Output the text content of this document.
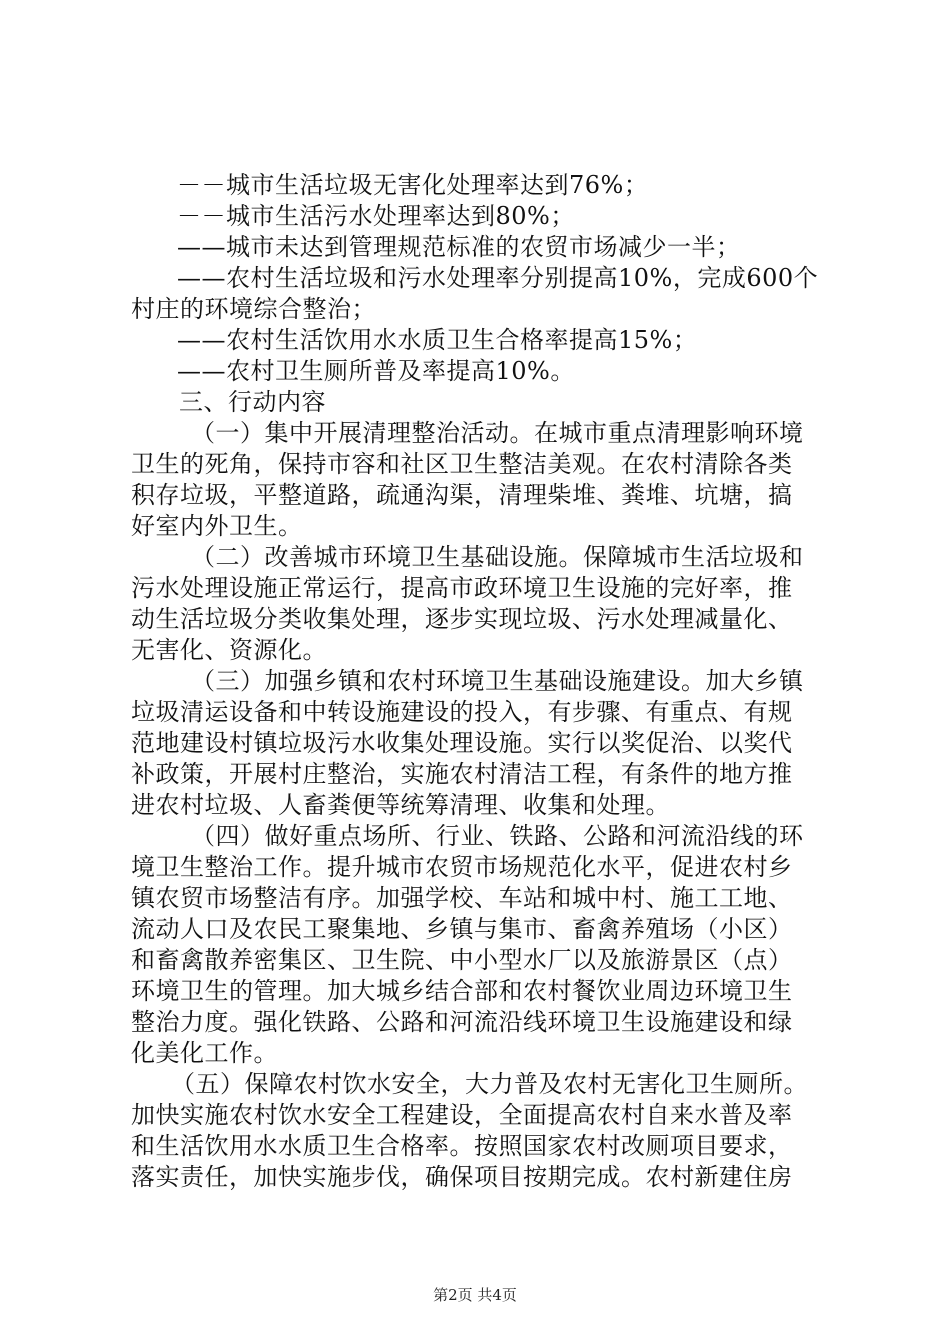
－－城市生活垃圾无害化处理率达到76%；
－－城市生活污水处理率达到80%；
——城市未达到管理规范标准的农贸市场减少一半；
——农村生活垃圾和污水处理率分别提高10%，完成600个
村庄的环境综合整治；
——农村生活饮用水水质卫生合格率提高15%；
——农村卫生厕所普及率提高10%。
三、行动内容
（一）集中开展清理整治活动。在城市重点清理影响环境
卫生的死角，保持市容和社区卫生整洁美观。在农村清除各类
积存垃圾，平整道路，疏通沟渠，清理柴堆、粪堆、坑塘，搞
好室内外卫生。
（二）改善城市环境卫生基础设施。保障城市生活垃圾和
污水处理设施正常运行，提高市政环境卫生设施的完好率，推
动生活垃圾分类收集处理，逐步实现垃圾、污水处理减量化、
无害化、资源化。
（三）加强乡镇和农村环境卫生基础设施建设。加大乡镇
垃圾清运设备和中转设施建设的投入，有步骤、有重点、有规
范地建设村镇垃圾污水收集处理设施。实行以奖促治、以奖代
补政策，开展村庄整治，实施农村清洁工程，有条件的地方推
进农村垃圾、人畜粪便等统筹清理、收集和处理。
（四）做好重点场所、行业、铁路、公路和河流沿线的环
境卫生整治工作。提升城市农贸市场规范化水平，促进农村乡
镇农贸市场整洁有序。加强学校、车站和城中村、施工工地、
流动人口及农民工聚集地、乡镇与集市、畜禽养殖场（小区）
和畜禽散养密集区、卫生院、中小型水厂以及旅游景区（点）
环境卫生的管理。加大城乡结合部和农村餐饮业周边环境卫生
整治力度。强化铁路、公路和河流沿线环境卫生设施建设和绿
化美化工作。
（五）保障农村饮水安全，大力普及农村无害化卫生厕所。
加快实施农村饮水安全工程建设，全面提高农村自来水普及率
和生活饮用水水质卫生合格率。按照国家农村改厕项目要求，
落实责任，加快实施步伐，确保项目按期完成。农村新建住房
第2页 共4页
